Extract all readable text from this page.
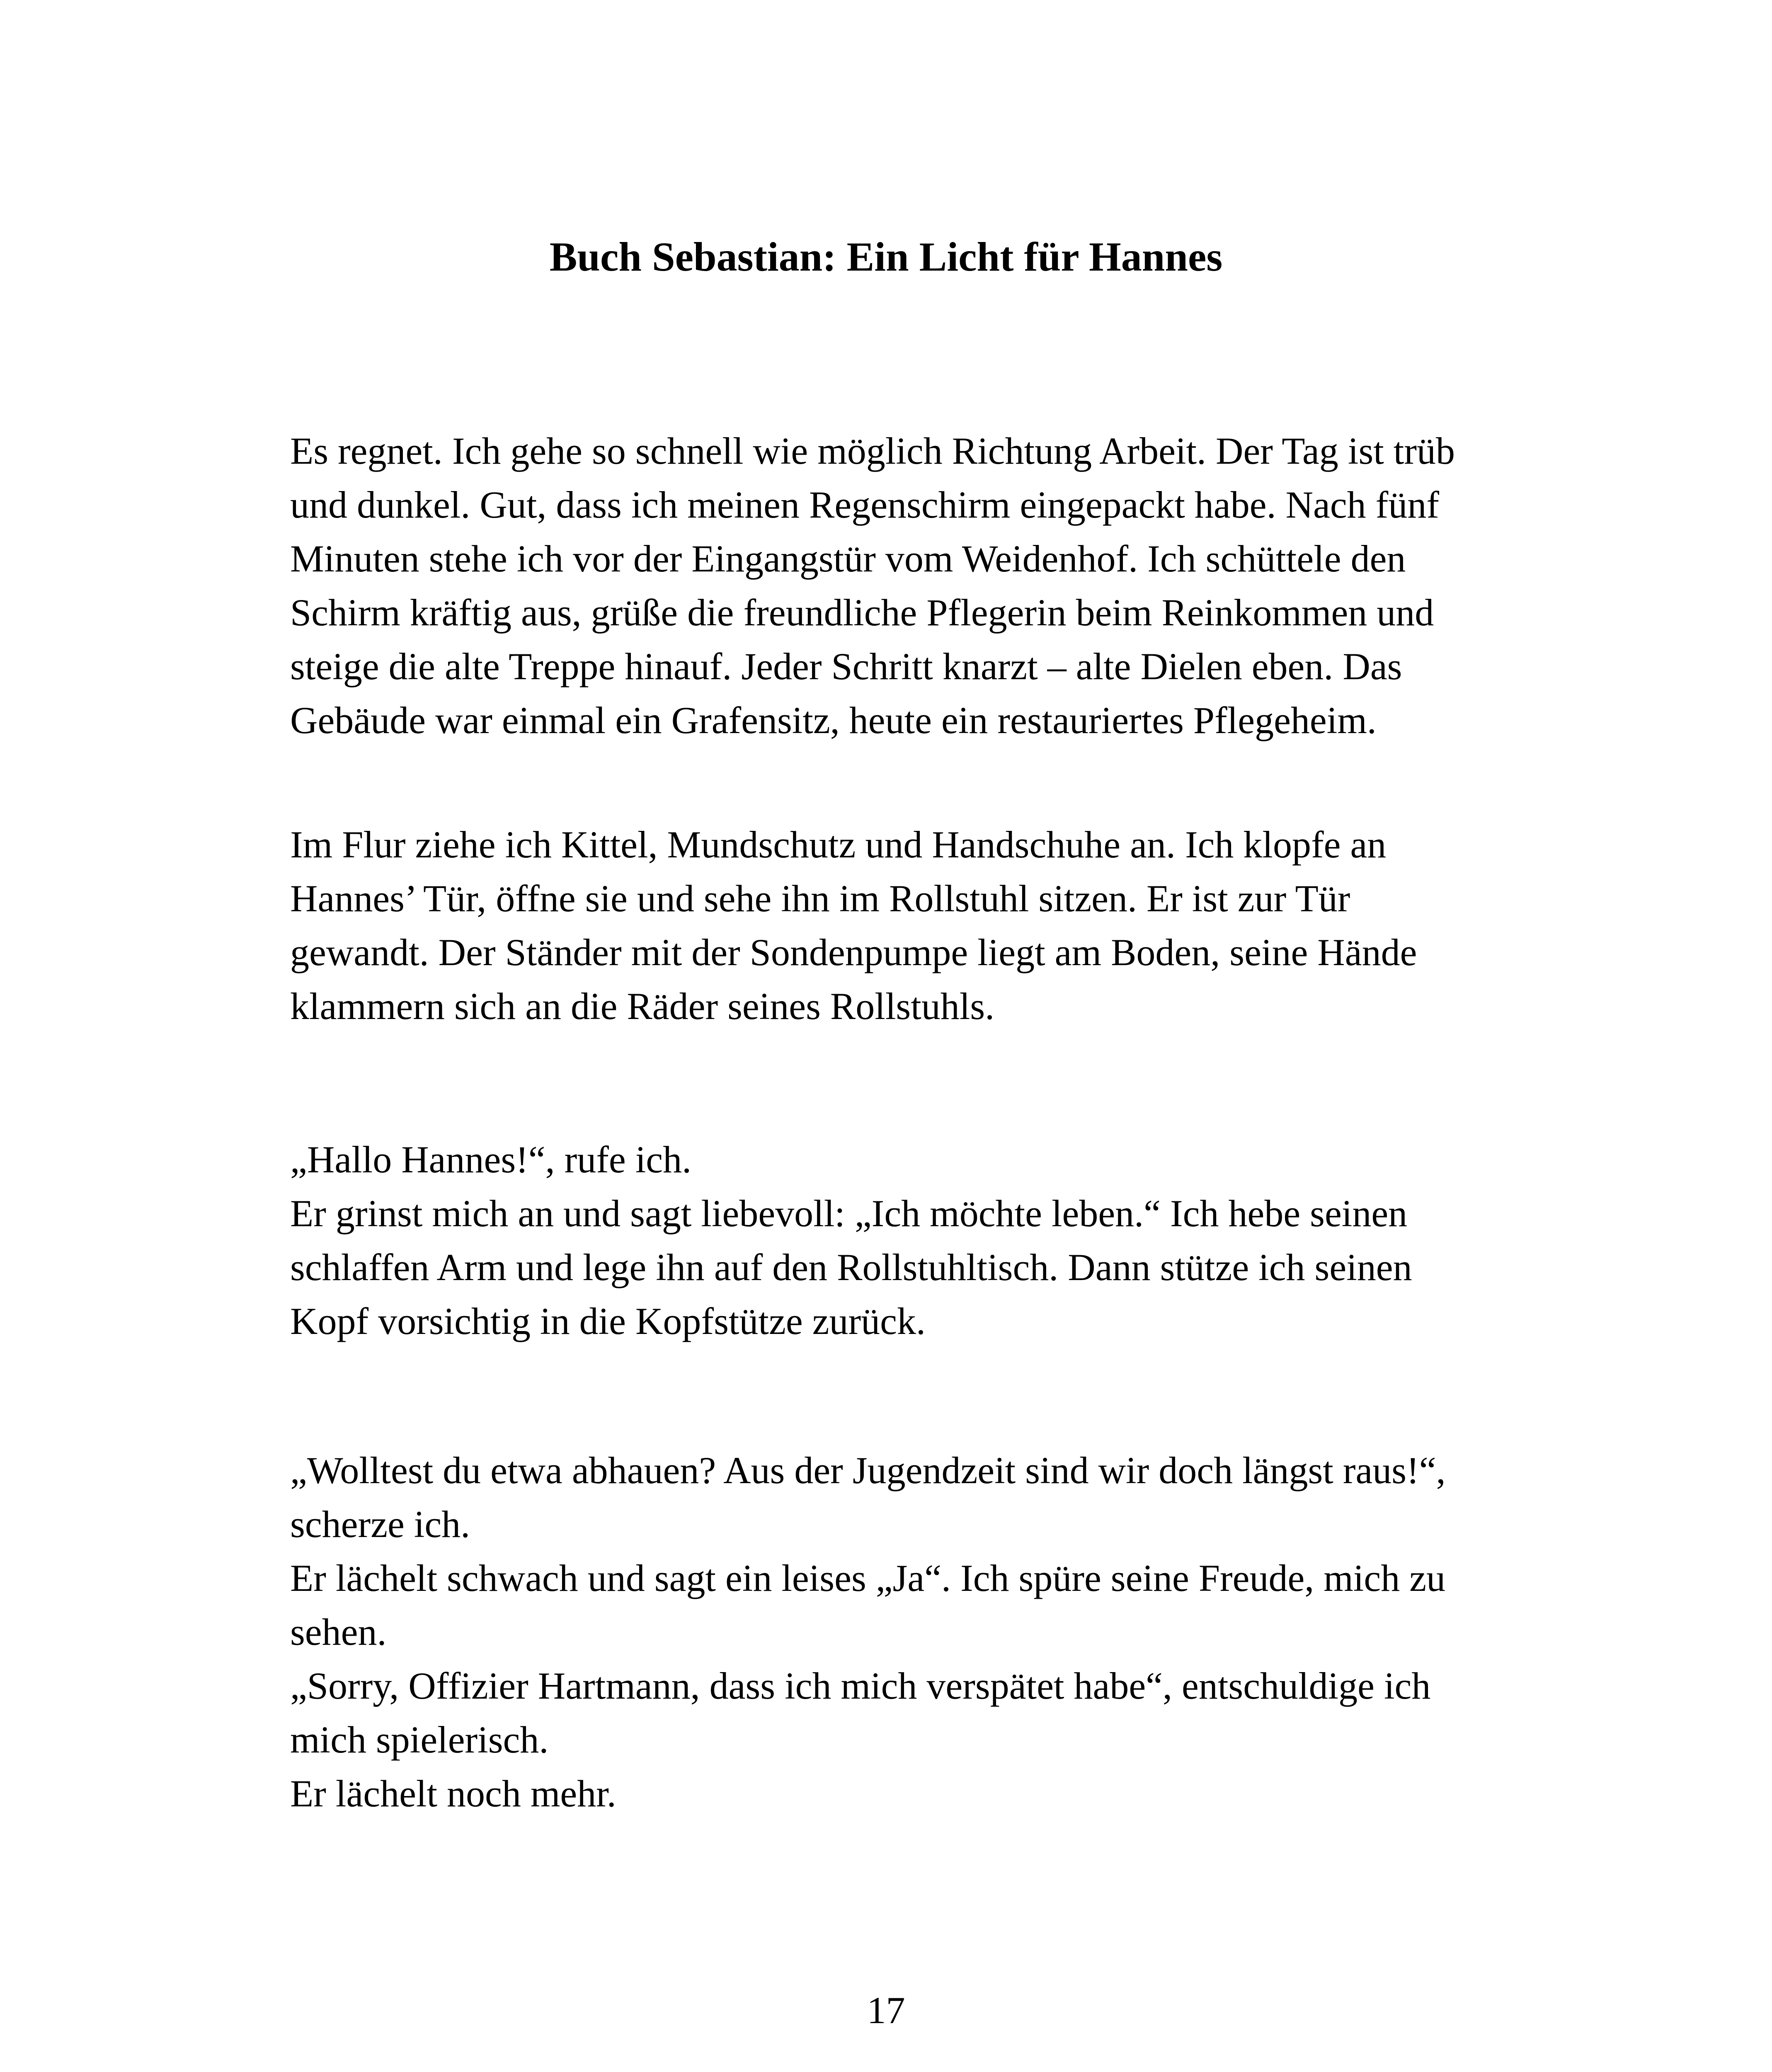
Buch Sebastian: Ein Licht für Hannes
Es regnet. Ich gehe so schnell wie möglich Richtung Arbeit. Der Tag ist trüb
und dunkel. Gut, dass ich meinen Regenschirm eingepackt habe. Nach fünf
Minuten stehe ich vor der Eingangstür vom Weidenhof. Ich schüttele den
Schirm kräftig aus, grüße die freundliche Pflegerin beim Reinkommen und
steige die alte Treppe hinauf. Jeder Schritt knarzt – alte Dielen eben. Das
Gebäude war einmal ein Grafensitz, heute ein restauriertes Pflegeheim.
Im Flur ziehe ich Kittel, Mundschutz und Handschuhe an. Ich klopfe an
Hannes’ Tür, öffne sie und sehe ihn im Rollstuhl sitzen. Er ist zur Tür
gewandt. Der Ständer mit der Sondenpumpe liegt am Boden, seine Hände
klammern sich an die Räder seines Rollstuhls.
„Hallo Hannes!“, rufe ich.
Er grinst mich an und sagt liebevoll: „Ich möchte leben.“ Ich hebe seinen
schlaffen Arm und lege ihn auf den Rollstuhltisch. Dann stütze ich seinen
Kopf vorsichtig in die Kopfstütze zurück.
„Wolltest du etwa abhauen? Aus der Jugendzeit sind wir doch längst raus!“,
scherze ich.
Er lächelt schwach und sagt ein leises „Ja“. Ich spüre seine Freude, mich zu
sehen.
„Sorry, Offizier Hartmann, dass ich mich verspätet habe“, entschuldige ich
mich spielerisch.
Er lächelt noch mehr.

17
